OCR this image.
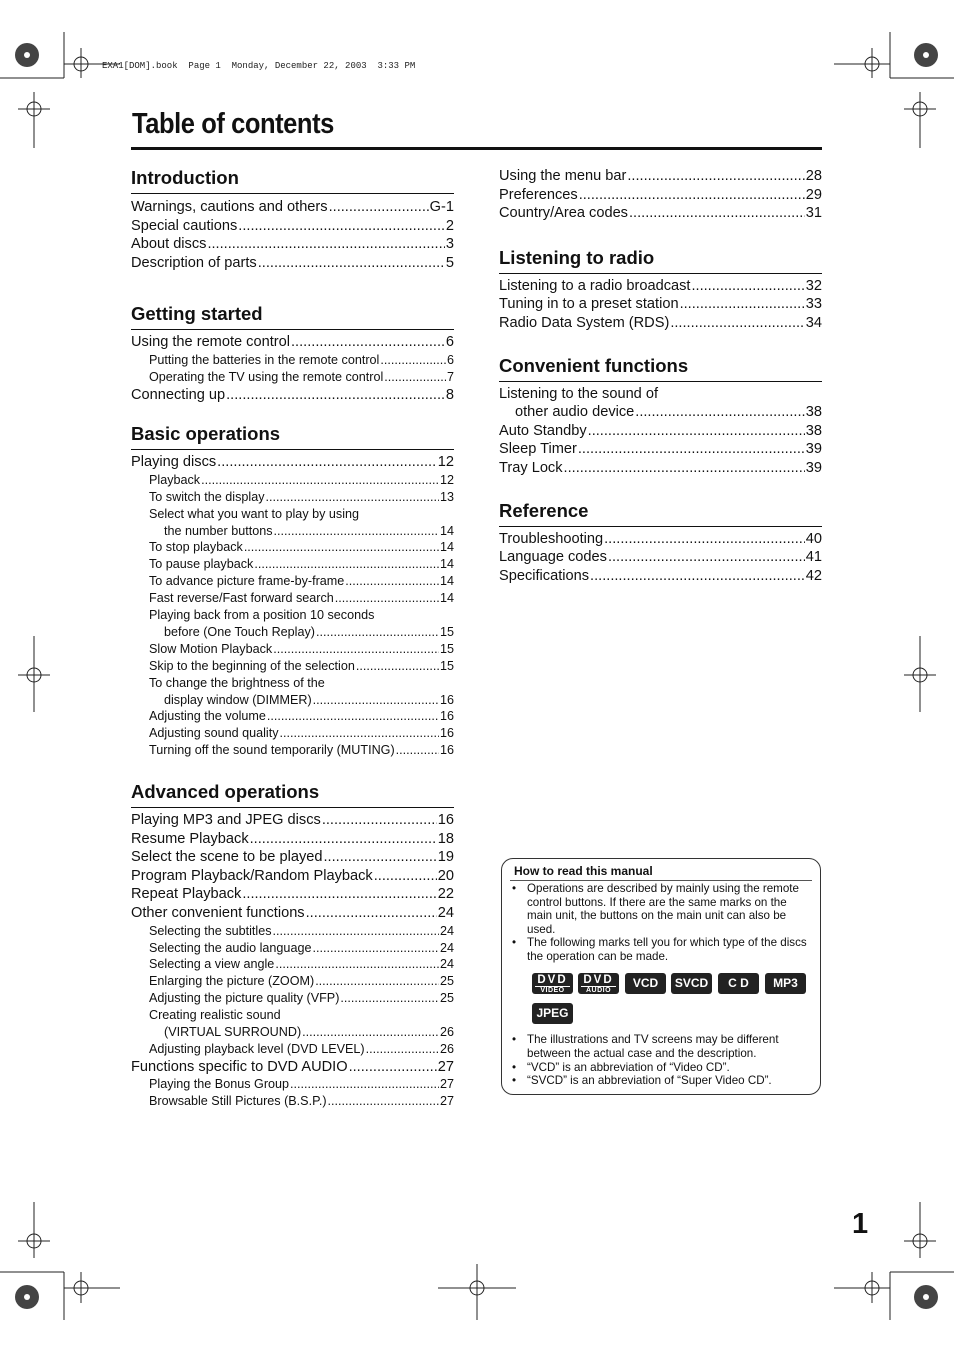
EXA1[DOM].book  Page 1  Monday, December 22, 2003  3:33 PM
Table of contents
Introduction
Warnings, cautions and others .....	G-1
Special cautions .....	2
About discs .....	3
Description of parts .....	5
Getting started
Using the remote control .....	6
Putting the batteries in the remote control .....	6
Operating the TV using the remote control .....	7
Connecting up .....	8
Basic operations
Playing discs .....	12
Playback .....	12
To switch the display .....	13
Select what you want to play by using
the number buttons .....	14
To stop playback .....	14
To pause playback .....	14
To advance picture frame-by-frame .....	14
Fast reverse/Fast forward search .....	14
Playing back from a position 10 seconds
before (One Touch Replay) .....	15
Slow Motion Playback .....	15
Skip to the beginning of the selection .....	15
To change the brightness of the
display window (DIMMER) .....	16
Adjusting the volume .....	16
Adjusting sound quality .....	16
Turning off the sound temporarily (MUTING) .....	16
Advanced operations
Playing MP3 and JPEG discs .....	16
Resume Playback .....	18
Select the scene to be played .....	19
Program Playback/Random Playback .....	20
Repeat Playback .....	22
Other convenient functions .....	24
Selecting the subtitles .....	24
Selecting the audio language .....	24
Selecting a view angle .....	24
Enlarging the picture (ZOOM) .....	25
Adjusting the picture quality (VFP) .....	25
Creating realistic sound
(VIRTUAL SURROUND) .....	26
Adjusting playback level (DVD LEVEL) .....	26
Functions specific to DVD AUDIO .....	27
Playing the Bonus Group .....	27
Browsable Still Pictures (B.S.P.) .....	27
Using the menu bar .....	28
Preferences .....	29
Country/Area codes .....	31
Listening to radio
Listening to a radio broadcast .....	32
Tuning in to a preset station .....	33
Radio Data System (RDS) .....	34
Convenient functions
Listening to the sound of
other audio device .....	38
Auto Standby .....	38
Sleep Timer .....	39
Tray Lock .....	39
Reference
Troubleshooting .....	40
Language codes .....	41
Specifications .....	42
How to read this manual
• Operations are described by mainly using the remote control buttons. If there are the same marks on the main unit, the buttons on the main unit can also be used.
• The following marks tell you for which type of the discs the operation can be made.
DVD
VIDEO
DVD
AUDIO
VCD	SVCD	C D	MP3
JPEG
• The illustrations and TV screens may be different between the actual case and the description.
• “VCD” is an abbreviation of “Video CD”.
• “SVCD” is an abbreviation of “Super Video CD”.
1
